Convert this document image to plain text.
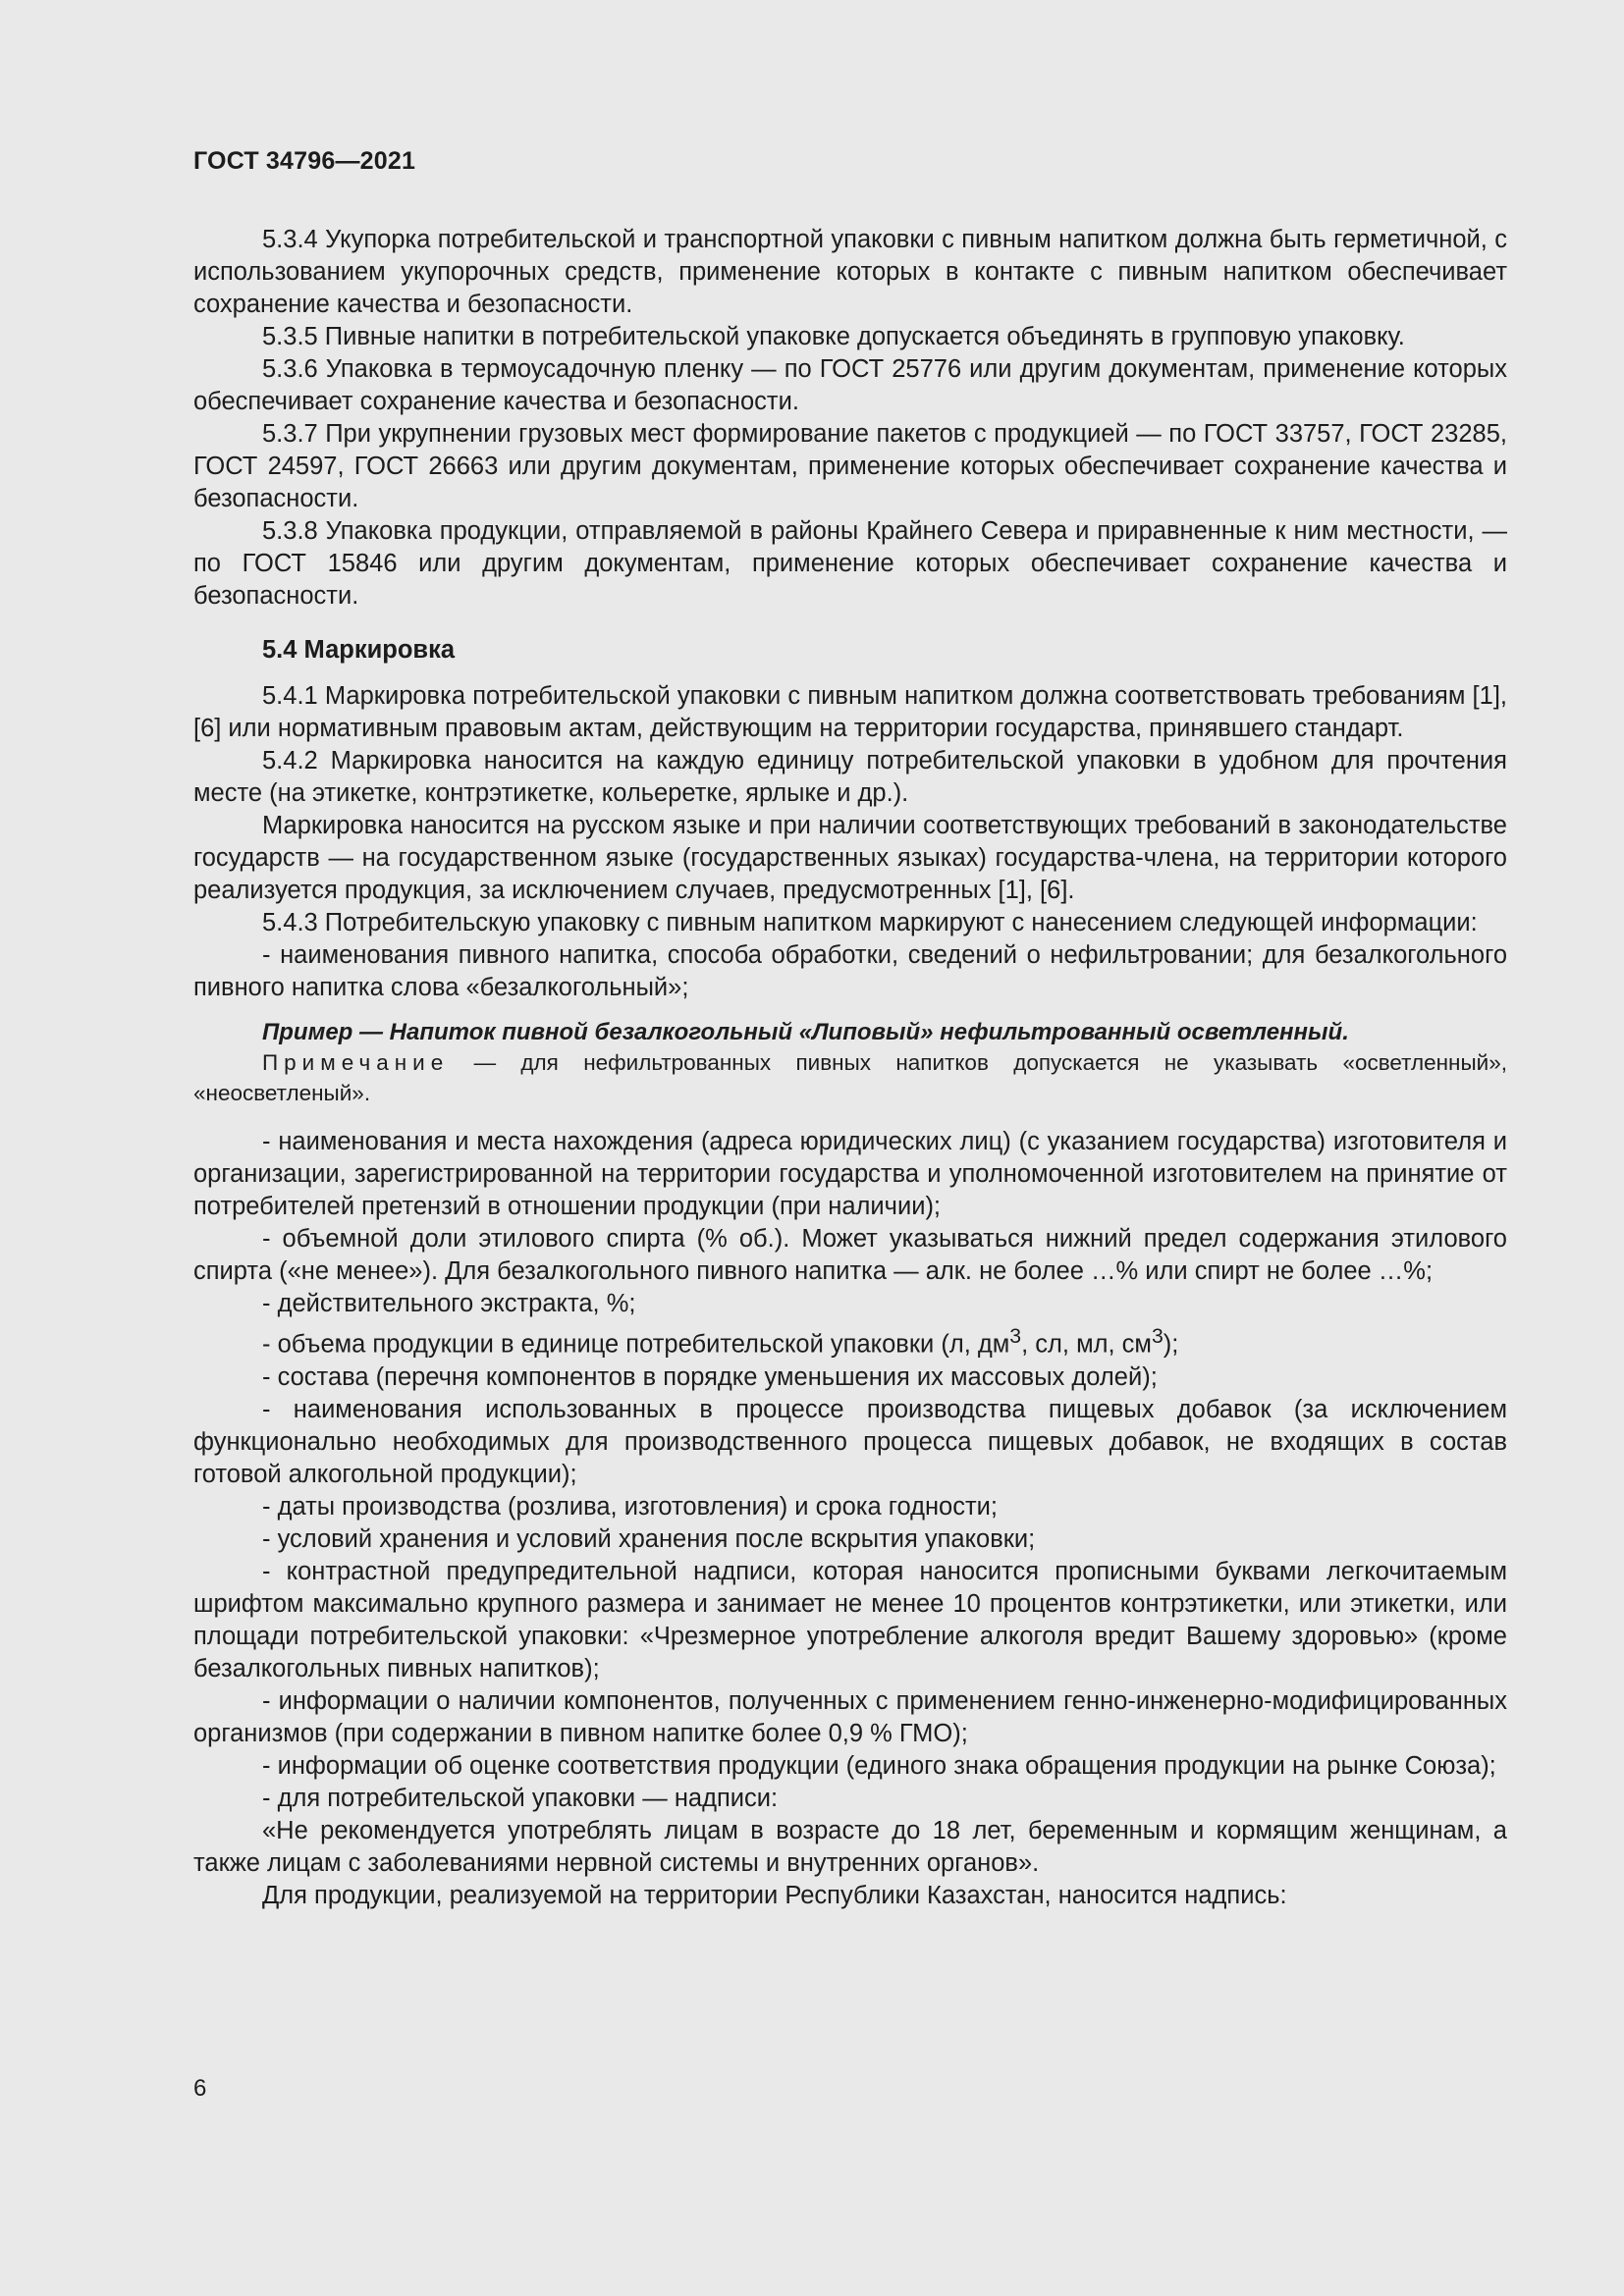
ГОСТ 34796—2021

5.3.4 Укупорка потребительской и транспортной упаковки с пивным напитком должна быть герметичной, с использованием укупорочных средств, применение которых в контакте с пивным напитком обеспечивает сохранение качества и безопасности.

5.3.5 Пивные напитки в потребительской упаковке допускается объединять в групповую упаковку.

5.3.6 Упаковка в термоусадочную пленку — по ГОСТ 25776 или другим документам, применение которых обеспечивает сохранение качества и безопасности.

5.3.7 При укрупнении грузовых мест формирование пакетов с продукцией — по ГОСТ 33757, ГОСТ 23285, ГОСТ 24597, ГОСТ 26663 или другим документам, применение которых обеспечивает сохранение качества и безопасности.

5.3.8 Упаковка продукции, отправляемой в районы Крайнего Севера и приравненные к ним местности, — по ГОСТ 15846 или другим документам, применение которых обеспечивает сохранение качества и безопасности.

5.4 Маркировка

5.4.1 Маркировка потребительской упаковки с пивным напитком должна соответствовать требованиям [1], [6] или нормативным правовым актам, действующим на территории государства, принявшего стандарт.

5.4.2 Маркировка наносится на каждую единицу потребительской упаковки в удобном для прочтения месте (на этикетке, контрэтикетке, кольеретке, ярлыке и др.).

Маркировка наносится на русском языке и при наличии соответствующих требований в законодательстве государств — на государственном языке (государственных языках) государства-члена, на территории которого реализуется продукция, за исключением случаев, предусмотренных [1], [6].

5.4.3 Потребительскую упаковку с пивным напитком маркируют с нанесением следующей информации:

- наименования пивного напитка, способа обработки, сведений о нефильтровании; для безалкогольного пивного напитка слова «безалкогольный»;

Пример — Напиток пивной безалкогольный «Липовый» нефильтрованный осветленный.

Примечание — для нефильтрованных пивных напитков допускается не указывать «осветленный», «неосветленый».

- наименования и места нахождения (адреса юридических лиц) (с указанием государства) изготовителя и организации, зарегистрированной на территории государства и уполномоченной изготовителем на принятие от потребителей претензий в отношении продукции (при наличии);

- объемной доли этилового спирта (% об.). Может указываться нижний предел содержания этилового спирта («не менее»). Для безалкогольного пивного напитка — алк. не более …% или спирт не более …%;

- действительного экстракта, %;

- объема продукции в единице потребительской упаковки (л, $дм^3$, сл, мл, $см^3$);

- состава (перечня компонентов в порядке уменьшения их массовых долей);

- наименования использованных в процессе производства пищевых добавок (за исключением функционально необходимых для производственного процесса пищевых добавок, не входящих в состав готовой алкогольной продукции);

- даты производства (розлива, изготовления) и срока годности;

- условий хранения и условий хранения после вскрытия упаковки;

- контрастной предупредительной надписи, которая наносится прописными буквами легкочитаемым шрифтом максимально крупного размера и занимает не менее 10 процентов контрэтикетки, или этикетки, или площади потребительской упаковки: «Чрезмерное употребление алкоголя вредит Вашему здоровью» (кроме безалкогольных пивных напитков);

- информации о наличии компонентов, полученных с применением генно-инженерно-модифицированных организмов (при содержании в пивном напитке более 0,9 % ГМО);

- информации об оценке соответствия продукции (единого знака обращения продукции на рынке Союза);

- для потребительской упаковки — надписи:

«Не рекомендуется употреблять лицам в возрасте до 18 лет, беременным и кормящим женщинам, а также лицам с заболеваниями нервной системы и внутренних органов».

Для продукции, реализуемой на территории Республики Казахстан, наносится надпись:

6
